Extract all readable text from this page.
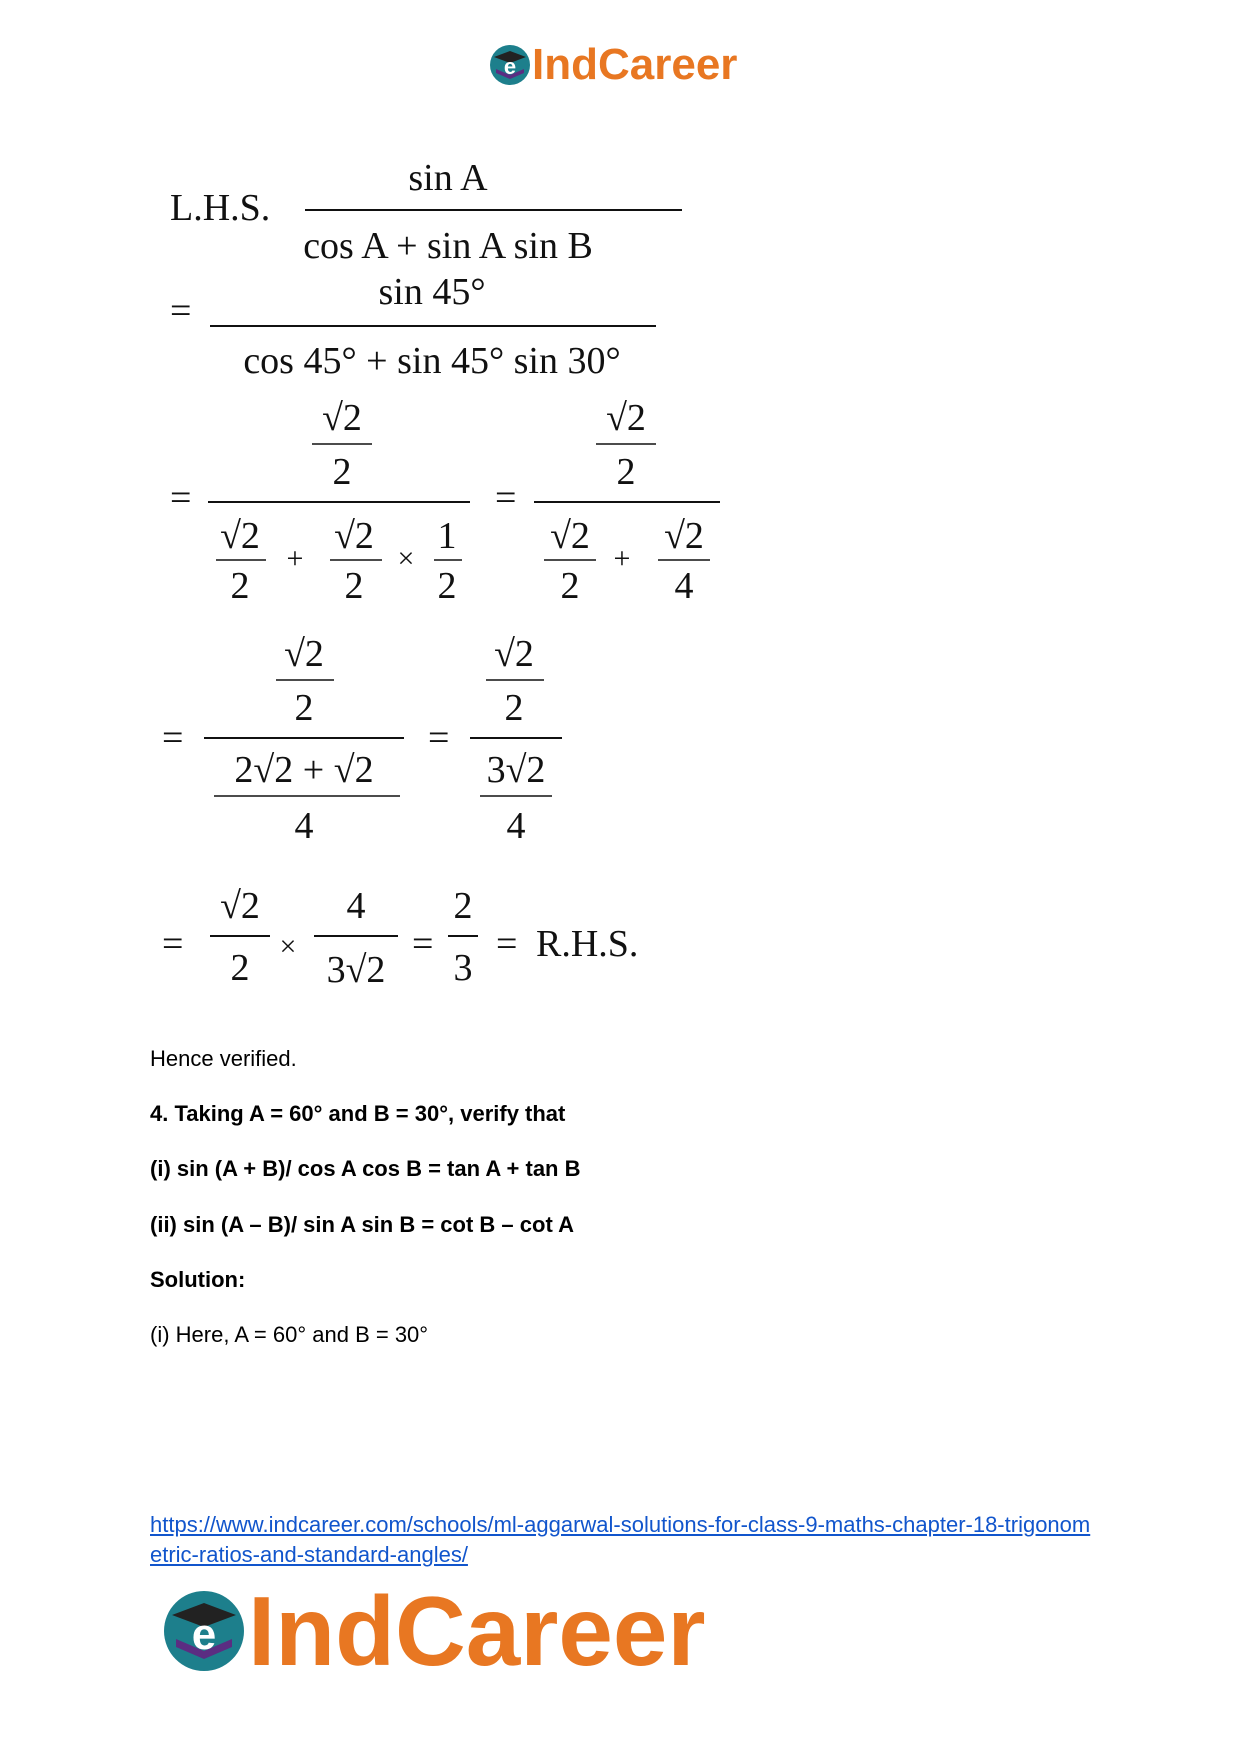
e IndCareer
L.H.S.
sin A
cos A + sin A sin B
=	sin 45°
cos 45° + sin 45° sin 30°
=
√2
2
√2
2
+
√2
2
×
1
2
=
√2
2
√2
2
+
√2
4
=
√2
2
2√2 + √2
4
=
√2
2
3√2
4
=
√2
2
×
4
3√2
=
2
3
= R.H.S.
Hence verified.
4. Taking A = 60° and B = 30°, verify that
(i) sin (A + B)/ cos A cos B = tan A + tan B
(ii) sin (A – B)/ sin A sin B = cot B – cot A
Solution:
(i) Here, A = 60° and B = 30°
https://www.indcareer.com/schools/ml-aggarwal-solutions-for-class-9-maths-chapter-18-trigonometric-ratios-and-standard-angles/
e IndCareer
